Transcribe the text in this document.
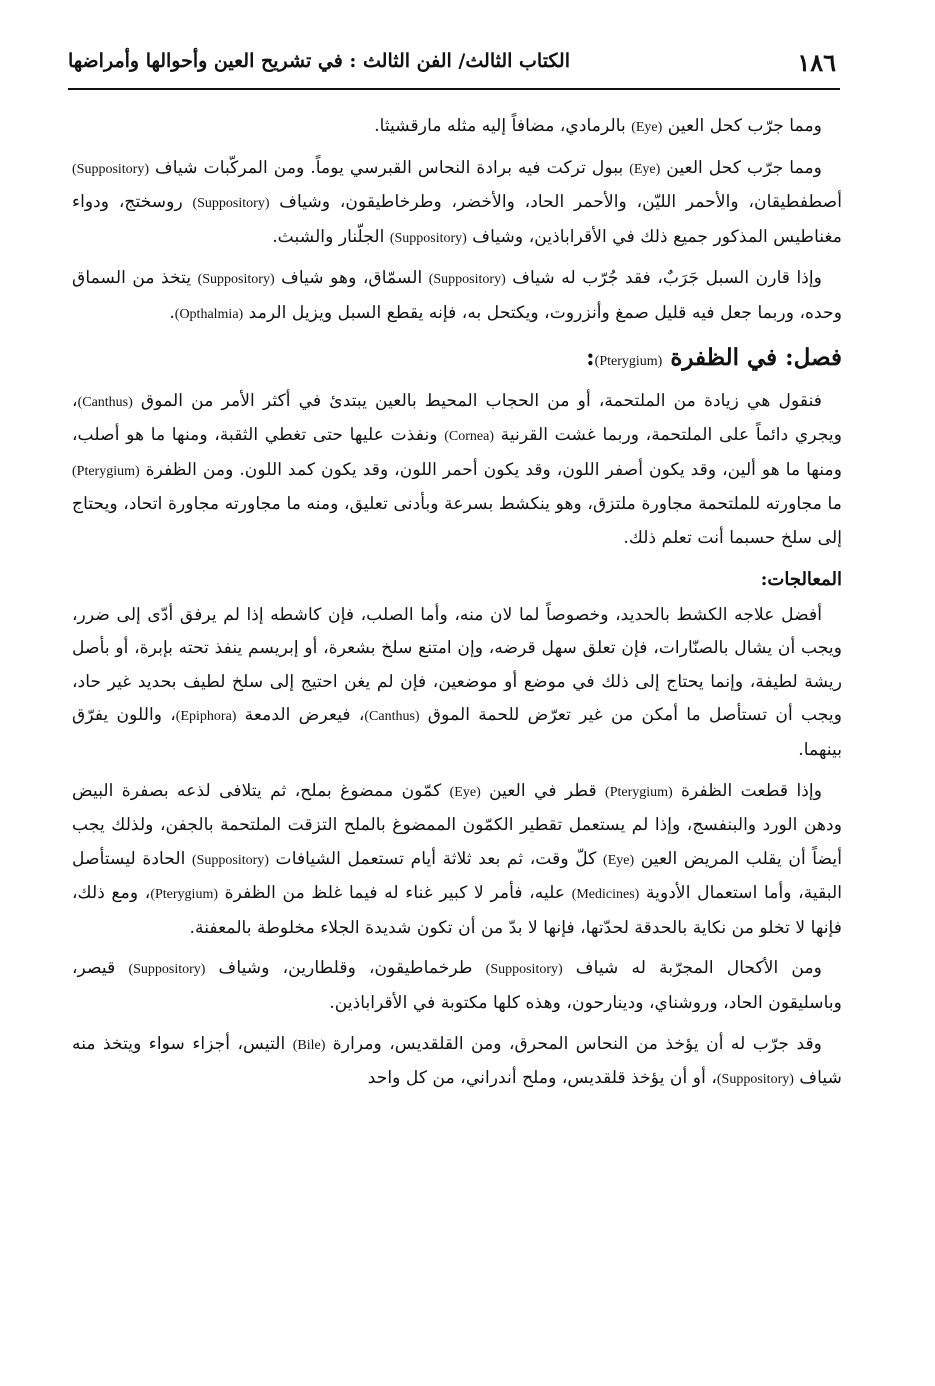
١٨٦
الكتاب الثالث/ الفن الثالث : في تشريح العين وأحوالها وأمراضها

ومما جرّب كحل العين (Eye) بالرمادي، مضافاً إليه مثله مارقشيثا.

ومما جرّب كحل العين (Eye) ببول تركت فيه برادة النحاس القبرسي يوماً. ومن المركّبات شياف (Suppository) أصطفطيقان، والأحمر الليّن، والأحمر الحاد، والأخضر، وطرخاطيقون، وشياف (Suppository) روسختج، ودواء مغناطيس المذكور جميع ذلك في الأقراباذين، وشياف (Suppository) الجلّنار والشبث.

وإذا قارن السبل جَرَبٌ، فقد جُرّب له شياف (Suppository) السمّاق، وهو شياف (Suppository) يتخذ من السماق وحده، وربما جعل فيه قليل صمغ وأنزروت، ويكتحل به، فإنه يقطع السبل ويزيل الرمد (Opthalmia).

فصل: في الظفرة (Pterygium):

فنقول هي زيادة من الملتحمة، أو من الحجاب المحيط بالعين يبتدئ في أكثر الأمر من الموق (Canthus)، ويجري دائماً على الملتحمة، وربما غشت القرنية (Cornea) ونفذت عليها حتى تغطي الثقبة، ومنها ما هو أصلب، ومنها ما هو ألين، وقد يكون أصفر اللون، وقد يكون أحمر اللون، وقد يكون كمد اللون. ومن الظفرة (Pterygium) ما مجاورته للملتحمة مجاورة ملتزق، وهو ينكشط بسرعة وبأدنى تعليق، ومنه ما مجاورته مجاورة اتحاد، ويحتاج إلى سلخ حسبما أنت تعلم ذلك.

المعالجات:

أفضل علاجه الكشط بالحديد، وخصوصاً لما لان منه، وأما الصلب، فإن كاشطه إذا لم يرفق أدّى إلى ضرر، ويجب أن يشال بالصنّارات، فإن تعلق سهل قرضه، وإن امتنع سلخ بشعرة، أو إبريسم ينفذ تحته بإبرة، أو بأصل ريشة لطيفة، وإنما يحتاج إلى ذلك في موضع أو موضعين، فإن لم يغن احتيج إلى سلخ لطيف بحديد غير حاد، ويجب أن تستأصل ما أمكن من غير تعرّض للحمة الموق (Canthus)، فيعرض الدمعة (Epiphora)، واللون يفرّق بينهما.

وإذا قطعت الظفرة (Pterygium) قطر في العين (Eye) كمّون ممضوغ بملح، ثم يتلافى لذعه بصفرة البيض ودهن الورد والبنفسج، وإذا لم يستعمل تقطير الكمّون الممضوغ بالملح التزقت الملتحمة بالجفن، ولذلك يجب أيضاً أن يقلب المريض العين (Eye) كلّ وقت، ثم بعد ثلاثة أيام تستعمل الشيافات (Suppository) الحادة ليستأصل البقية، وأما استعمال الأدوية (Medicines) عليه، فأمر لا كبير غناء له فيما غلظ من الظفرة (Pterygium)، ومع ذلك، فإنها لا تخلو من نكاية بالحدقة لحدّتها، فإنها لا بدّ من أن تكون شديدة الجلاء مخلوطة بالمعفنة.

ومن الأكحال المجرّبة له شياف (Suppository) طرخماطيقون، وقلطارين، وشياف (Suppository) قيصر، وباسليقون الحاد، وروشناي، ودينارحون، وهذه كلها مكتوبة في الأقراباذين.

وقد جرّب له أن يؤخذ من النحاس المحرق، ومن القلقديس، ومرارة (Bile) التيس، أجزاء سواء ويتخذ منه شياف (Suppository)، أو أن يؤخذ قلقديس، وملح أندراني، من كل واحد
